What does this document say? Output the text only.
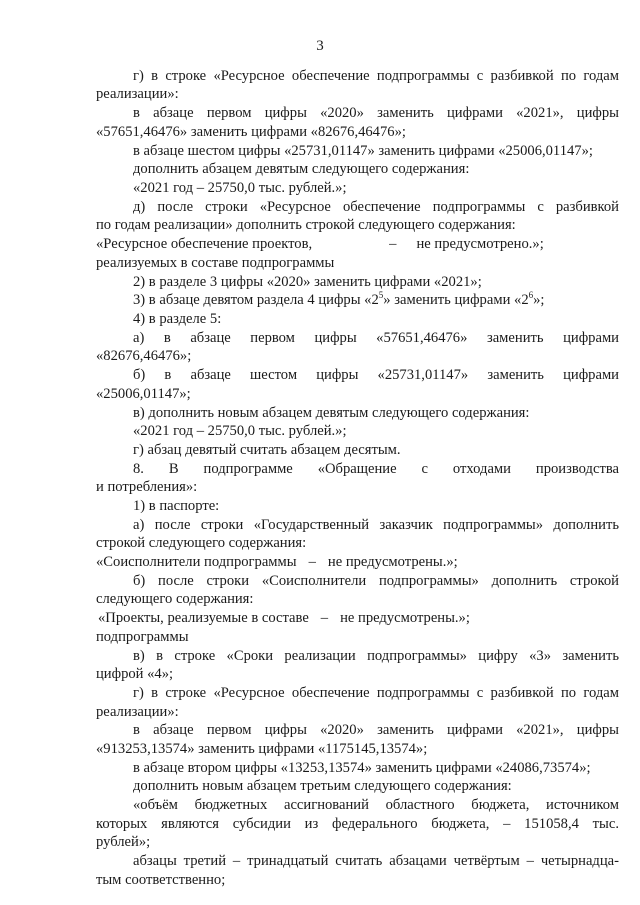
3
г) в строке «Ресурсное обеспечение подпрограммы с разбивкой по годам
реализации»:
в абзаце первом цифры «2020» заменить цифрами «2021», цифры
«57651,46476» заменить цифрами «82676,46476»;
в абзаце шестом цифры «25731,01147» заменить цифрами «25006,01147»;
дополнить абзацем девятым следующего содержания:
«2021 год – 25750,0 тыс. рублей.»;
д) после строки «Ресурсное обеспечение подпрограммы с разбивкой
по годам реализации» дополнить строкой следующего содержания:
«Ресурсное обеспечение проектов,	– не предусмотрено.»;
реализуемых в составе подпрограммы
2) в разделе 3 цифры «2020» заменить цифрами «2021»;
3) в абзаце девятом раздела 4 цифры «$2^5$» заменить цифрами «$2^6$»;
4) в разделе 5:
а) в абзаце первом цифры «57651,46476» заменить цифрами
«82676,46476»;
б) в абзаце шестом цифры «25731,01147» заменить цифрами
«25006,01147»;
в) дополнить новым абзацем девятым следующего содержания:
«2021 год – 25750,0 тыс. рублей.»;
г) абзац девятый считать абзацем десятым.
8. В подпрограмме «Обращение с отходами производства
и потребления»:
1) в паспорте:
а) после строки «Государственный заказчик подпрограммы» дополнить
строкой следующего содержания:
«Соисполнители подпрограммы – не предусмотрены.»;
б) после строки «Соисполнители подпрограммы» дополнить строкой
следующего содержания:
«Проекты, реализуемые в составе – не предусмотрены.»;
подпрограммы
в) в строке «Сроки реализации подпрограммы» цифру «3» заменить
цифрой «4»;
г) в строке «Ресурсное обеспечение подпрограммы с разбивкой по годам
реализации»:
в абзаце первом цифры «2020» заменить цифрами «2021», цифры
«913253,13574» заменить цифрами «1175145,13574»;
в абзаце втором цифры «13253,13574» заменить цифрами «24086,73574»;
дополнить новым абзацем третьим следующего содержания:
«объём бюджетных ассигнований областного бюджета, источником
которых являются субсидии из федерального бюджета, – 151058,4 тыс.
рублей»;
абзацы третий – тринадцатый считать абзацами четвёртым – четырнадца-
тым соответственно;
